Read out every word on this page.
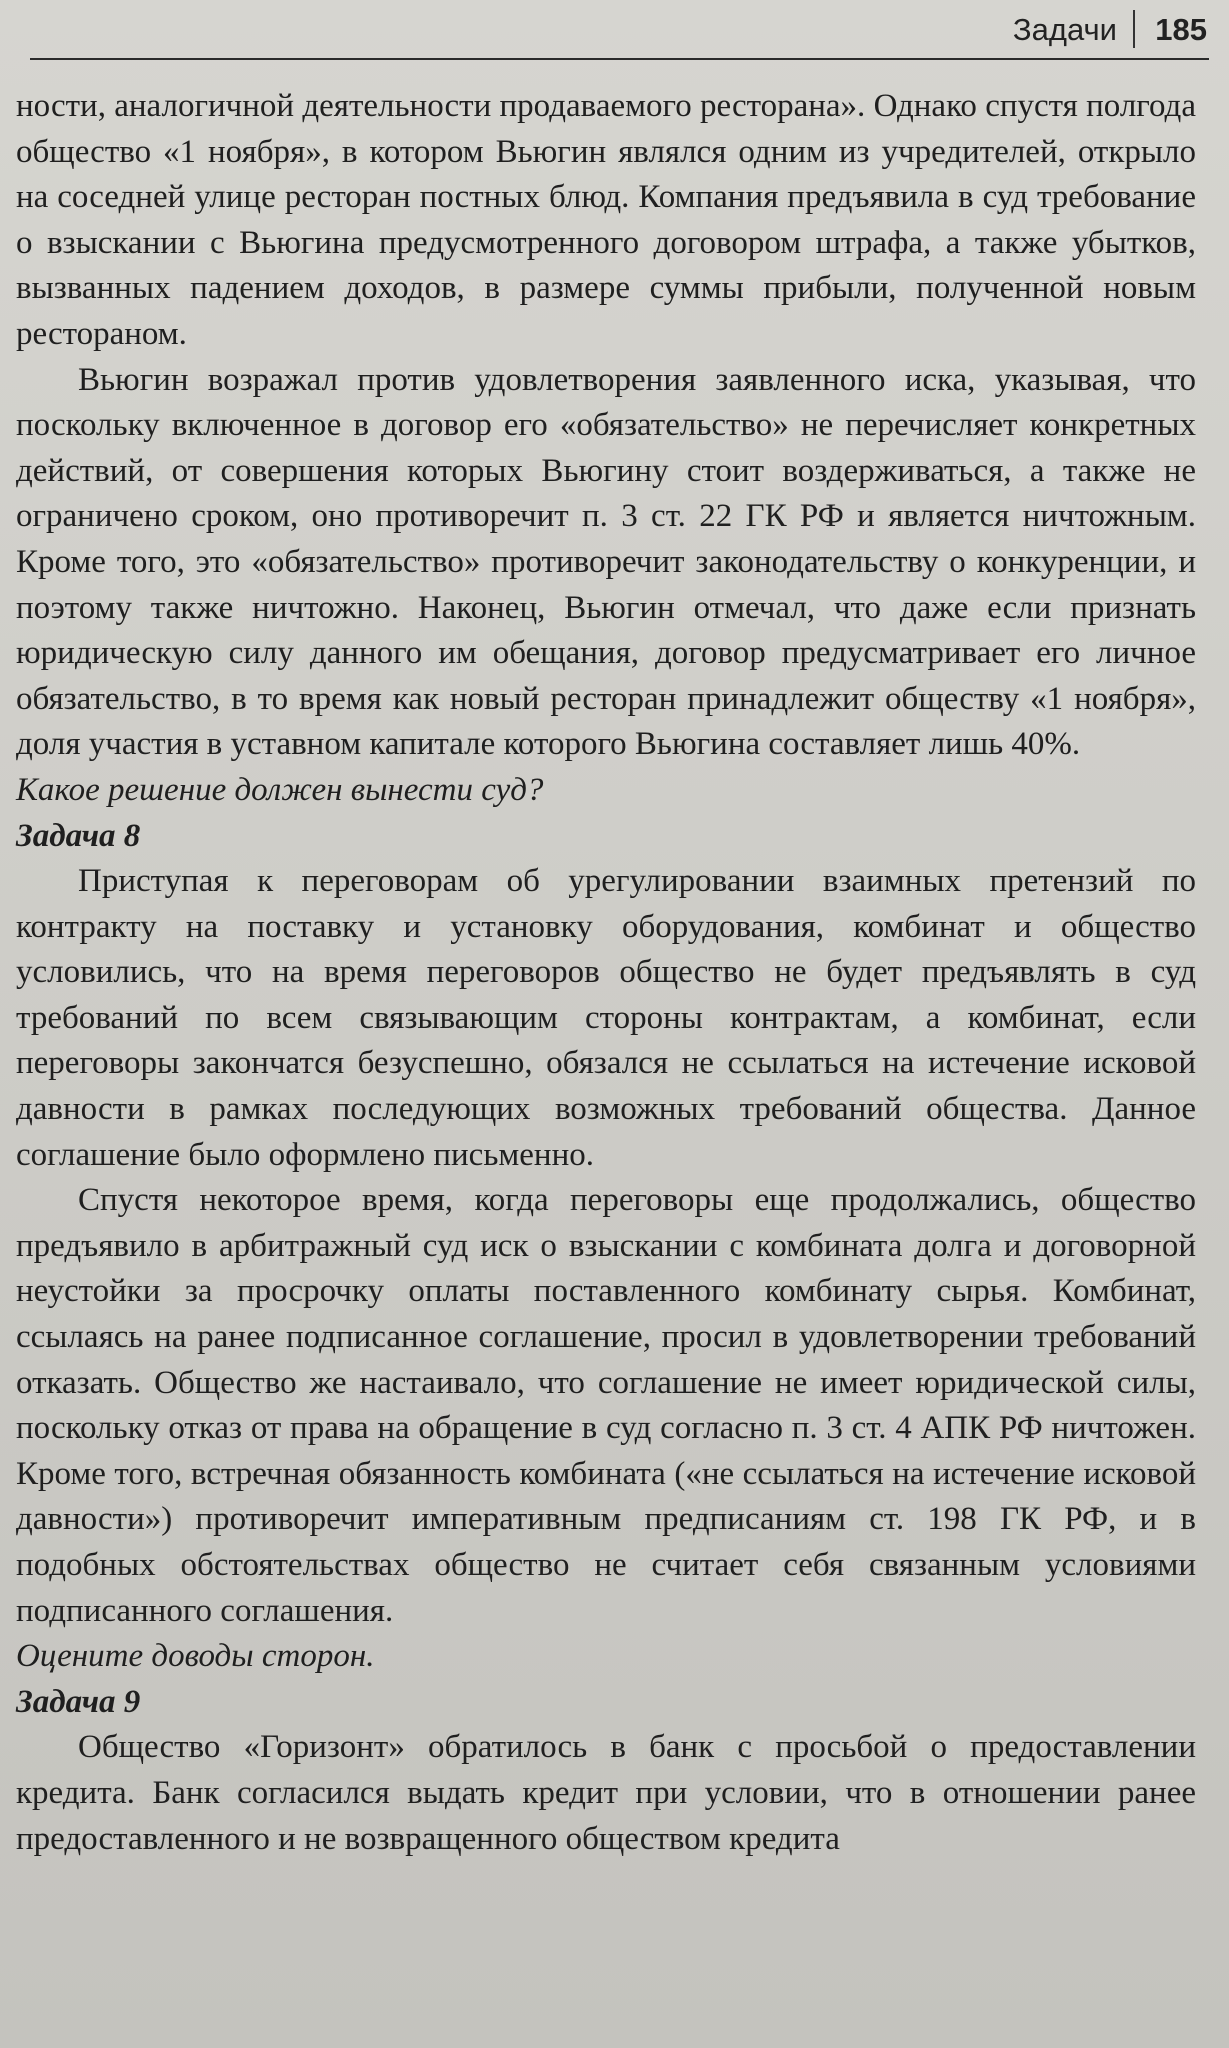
Задачи 185

ности, аналогичной деятельности продаваемого ресторана». Однако спустя полгода общество «1 ноября», в котором Вьюгин являлся одним из учредителей, открыло на соседней улице ресторан постных блюд. Компания предъявила в суд требование о взыскании с Вьюгина предусмотренного договором штрафа, а также убытков, вызванных падением доходов, в размере суммы прибыли, полученной новым рестораном.

Вьюгин возражал против удовлетворения заявленного иска, указывая, что поскольку включенное в договор его «обязательство» не перечисляет конкретных действий, от совершения которых Вьюгину стоит воздерживаться, а также не ограничено сроком, оно противоречит п. 3 ст. 22 ГК РФ и является ничтожным. Кроме того, это «обязательство» противоречит законодательству о конкуренции, и поэтому также ничтожно. Наконец, Вьюгин отмечал, что даже если признать юридическую силу данного им обещания, договор предусматривает его личное обязательство, в то время как новый ресторан принадлежит обществу «1 ноября», доля участия в уставном капитале которого Вьюгина составляет лишь 40%.

Какое решение должен вынести суд?

Задача 8

Приступая к переговорам об урегулировании взаимных претензий по контракту на поставку и установку оборудования, комбинат и общество условились, что на время переговоров общество не будет предъявлять в суд требований по всем связывающим стороны контрактам, а комбинат, если переговоры закончатся безуспешно, обязался не ссылаться на истечение исковой давности в рамках последующих возможных требований общества. Данное соглашение было оформлено письменно.

Спустя некоторое время, когда переговоры еще продолжались, общество предъявило в арбитражный суд иск о взыскании с комбината долга и договорной неустойки за просрочку оплаты поставленного комбинату сырья. Комбинат, ссылаясь на ранее подписанное соглашение, просил в удовлетворении требований отказать. Общество же настаивало, что соглашение не имеет юридической силы, поскольку отказ от права на обращение в суд согласно п. 3 ст. 4 АПК РФ ничтожен. Кроме того, встречная обязанность комбината («не ссылаться на истечение исковой давности») противоречит императивным предписаниям ст. 198 ГК РФ, и в подобных обстоятельствах общество не считает себя связанным условиями подписанного соглашения.

Оцените доводы сторон.

Задача 9

Общество «Горизонт» обратилось в банк с просьбой о предоставлении кредита. Банк согласился выдать кредит при условии, что в отношении ранее предоставленного и не возвращенного обществом кредита
